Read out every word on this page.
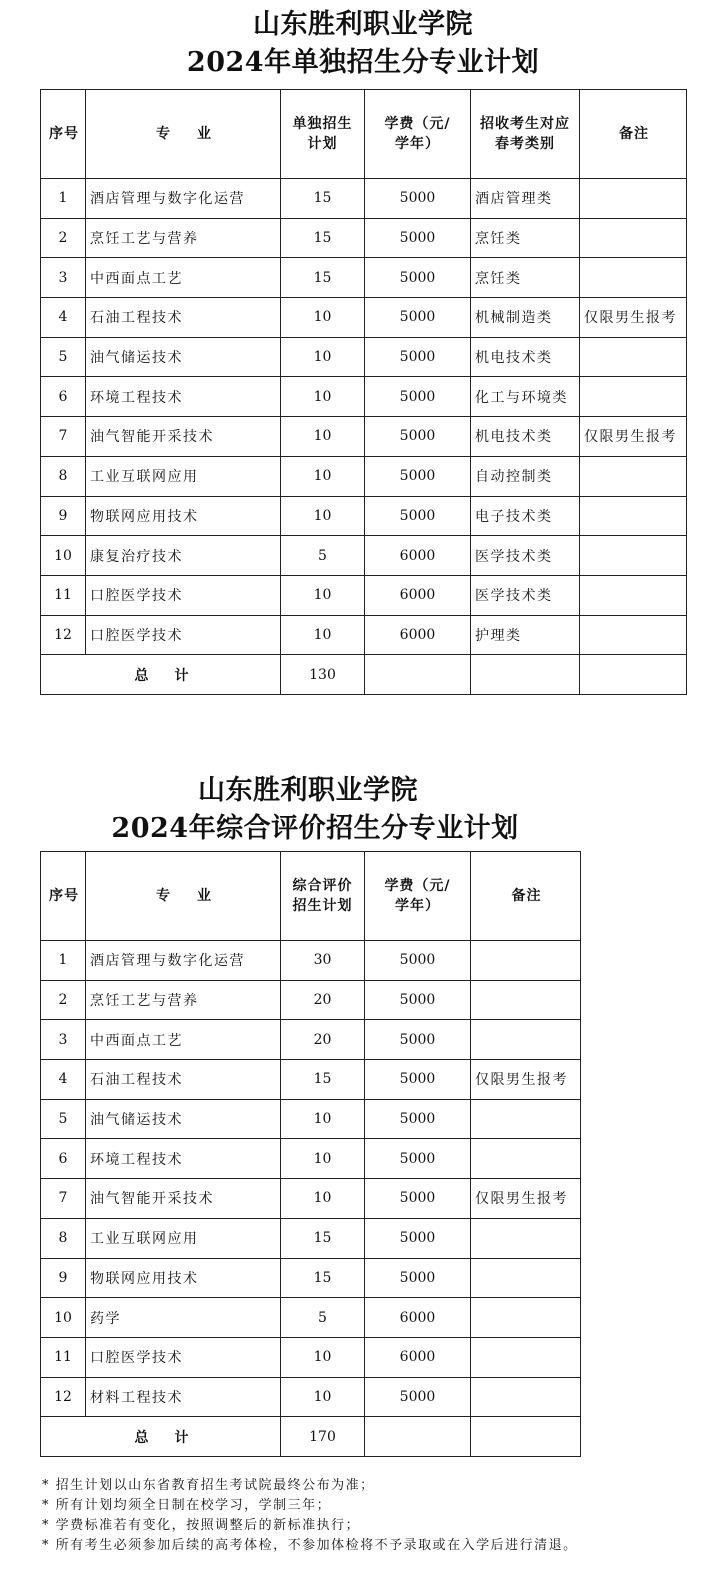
山东胜利职业学院
2024年单独招生分专业计划
序号	专 业	单独招生计划	学费（元/学年）	招收考生对应春考类别	备注
1	酒店管理与数字化运营	15	5000	酒店管理类	
2	烹饪工艺与营养	15	5000	烹饪类	
3	中西面点工艺	15	5000	烹饪类	
4	石油工程技术	10	5000	机械制造类	仅限男生报考
5	油气储运技术	10	5000	机电技术类	
6	环境工程技术	10	5000	化工与环境类	
7	油气智能开采技术	10	5000	机电技术类	仅限男生报考
8	工业互联网应用	10	5000	自动控制类	
9	物联网应用技术	10	5000	电子技术类	
10	康复治疗技术	5	6000	医学技术类	
11	口腔医学技术	10	6000	医学技术类	
12	口腔医学技术	10	6000	护理类	
总 计		130			
山东胜利职业学院
2024年综合评价招生分专业计划
序号	专 业	综合评价招生计划	学费（元/学年）	备注
1	酒店管理与数字化运营	30	5000	
2	烹饪工艺与营养	20	5000	
3	中西面点工艺	20	5000	
4	石油工程技术	15	5000	仅限男生报考
5	油气储运技术	10	5000	
6	环境工程技术	10	5000	
7	油气智能开采技术	10	5000	仅限男生报考
8	工业互联网应用	15	5000	
9	物联网应用技术	15	5000	
10	药学	5	6000	
11	口腔医学技术	10	6000	
12	材料工程技术	10	5000	
总 计		170		
* 招生计划以山东省教育招生考试院最终公布为准；
* 所有计划均须全日制在校学习，学制三年；
* 学费标准若有变化，按照调整后的新标准执行；
* 所有考生必须参加后续的高考体检，不参加体检将不予录取或在入学后进行清退。
